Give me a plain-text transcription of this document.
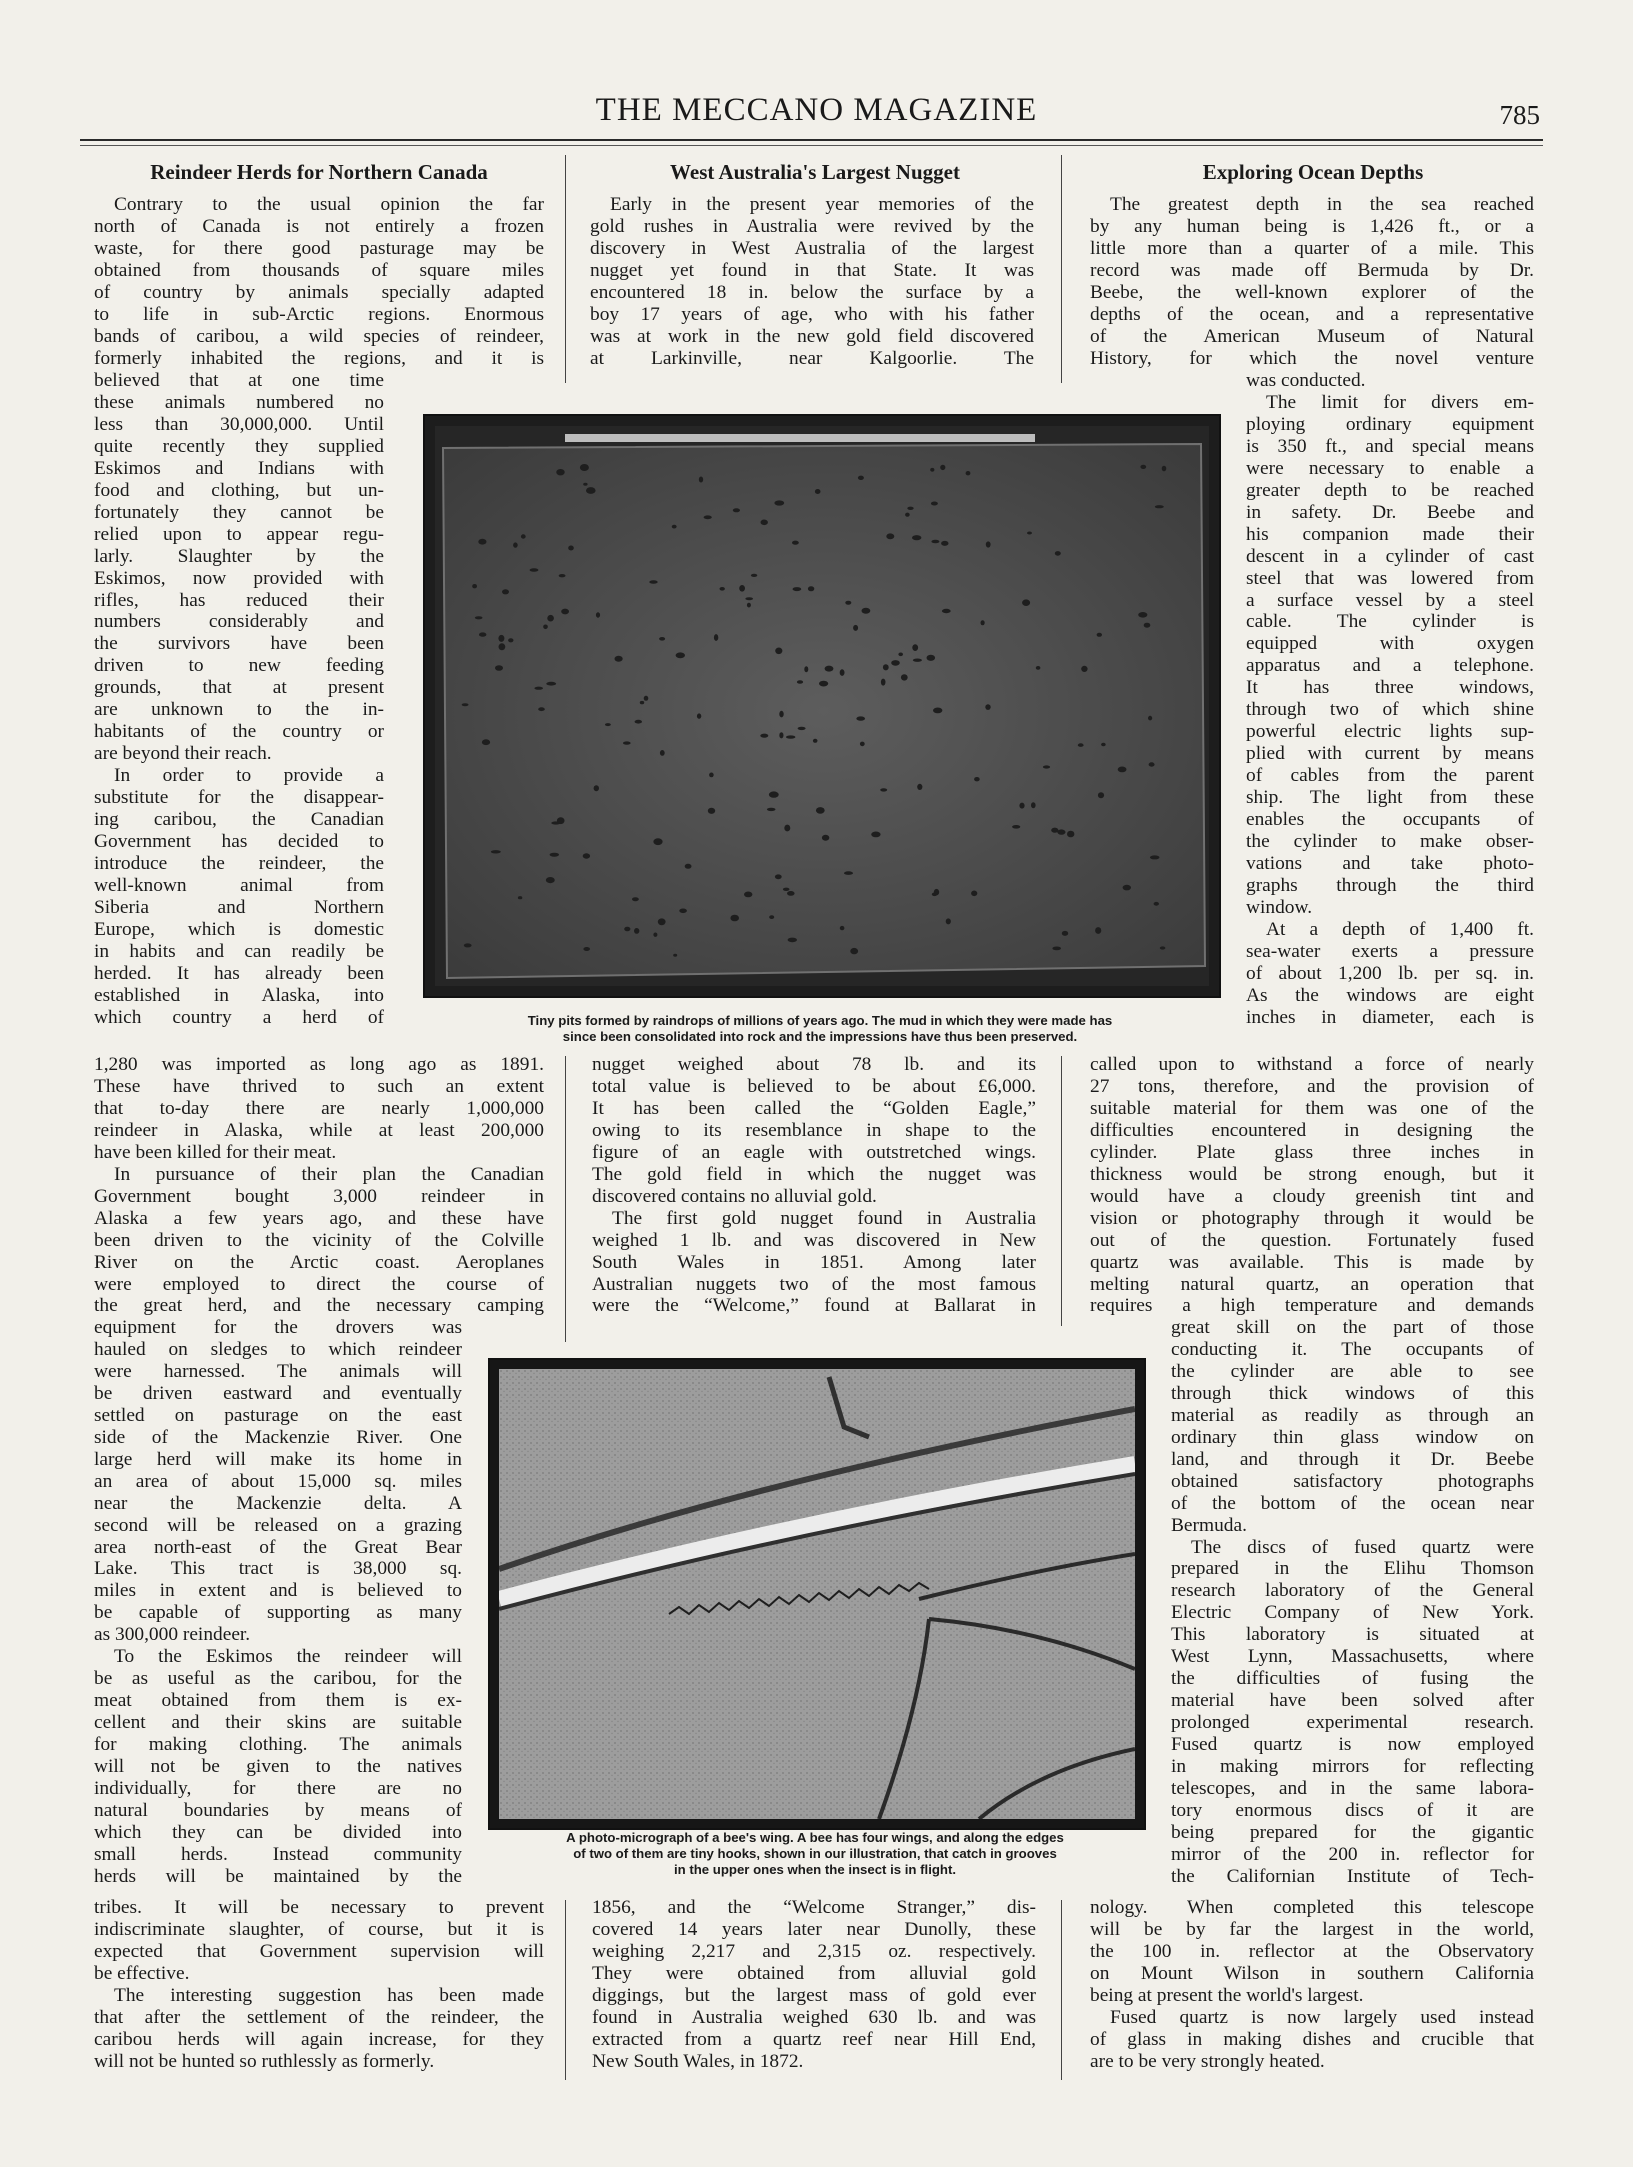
THE MECCANO MAGAZINE	785
Reindeer Herds for Northern Canada	West Australia's Largest Nugget	Exploring Ocean Depths
Contrary to the usual opinion the far
north of Canada is not entirely a frozen
waste, for there good pasturage may be
obtained from thousands of square miles
of country by animals specially adapted
to life in sub-Arctic regions. Enormous
bands of caribou, a wild species of reindeer,
formerly inhabited the regions, and it is
believed that at one time
these animals numbered no
less than 30,000,000. Until
quite recently they supplied
Eskimos and Indians with
food and clothing, but un-
fortunately they cannot be
relied upon to appear regu-
larly. Slaughter by the
Eskimos, now provided with
rifles, has reduced their
numbers considerably and
the survivors have been
driven to new feeding
grounds, that at present
are unknown to the in-
habitants of the country or
are beyond their reach.
In order to provide a
substitute for the disappear-
ing caribou, the Canadian
Government has decided to
introduce the reindeer, the
well-known animal from
Siberia and Northern
Europe, which is domestic
in habits and can readily be
herded. It has already been
established in Alaska, into
which country a herd of
1,280 was imported as long ago as 1891.
These have thrived to such an extent
that to-day there are nearly 1,000,000
reindeer in Alaska, while at least 200,000
have been killed for their meat.
In pursuance of their plan the Canadian
Government bought 3,000 reindeer in
Alaska a few years ago, and these have
been driven to the vicinity of the Colville
River on the Arctic coast. Aeroplanes
were employed to direct the course of
the great herd, and the necessary camping
equipment for the drovers was
hauled on sledges to which reindeer
were harnessed. The animals will
be driven eastward and eventually
settled on pasturage on the east
side of the Mackenzie River. One
large herd will make its home in
an area of about 15,000 sq. miles
near the Mackenzie delta. A
second will be released on a grazing
area north-east of the Great Bear
Lake. This tract is 38,000 sq.
miles in extent and is believed to
be capable of supporting as many
as 300,000 reindeer.
To the Eskimos the reindeer will
be as useful as the caribou, for the
meat obtained from them is ex-
cellent and their skins are suitable
for making clothing. The animals
will not be given to the natives
individually, for there are no
natural boundaries by means of
which they can be divided into
small herds. Instead community
herds will be maintained by the
tribes. It will be necessary to prevent
indiscriminate slaughter, of course, but it is
expected that Government supervision will
be effective.
The interesting suggestion has been made
that after the settlement of the reindeer, the
caribou herds will again increase, for they
will not be hunted so ruthlessly as formerly.
Early in the present year memories of the
gold rushes in Australia were revived by the
discovery in West Australia of the largest
nugget yet found in that State. It was
encountered 18 in. below the surface by a
boy 17 years of age, who with his father
was at work in the new gold field discovered
at Larkinville, near Kalgoorlie. The
nugget weighed about 78 lb. and its
total value is believed to be about £6,000.
It has been called the “Golden Eagle,”
owing to its resemblance in shape to the
figure of an eagle with outstretched wings.
The gold field in which the nugget was
discovered contains no alluvial gold.
The first gold nugget found in Australia
weighed 1 lb. and was discovered in New
South Wales in 1851. Among later
Australian nuggets two of the most famous
were the “Welcome,” found at Ballarat in
1856, and the “Welcome Stranger,” dis-
covered 14 years later near Dunolly, these
weighing 2,217 and 2,315 oz. respectively.
They were obtained from alluvial gold
diggings, but the largest mass of gold ever
found in Australia weighed 630 lb. and was
extracted from a quartz reef near Hill End,
New South Wales, in 1872.
The greatest depth in the sea reached
by any human being is 1,426 ft., or a
little more than a quarter of a mile. This
record was made off Bermuda by Dr.
Beebe, the well-known explorer of the
depths of the ocean, and a representative
of the American Museum of Natural
History, for which the novel venture
was conducted.
The limit for divers em-
ploying ordinary equipment
is 350 ft., and special means
were necessary to enable a
greater depth to be reached
in safety. Dr. Beebe and
his companion made their
descent in a cylinder of cast
steel that was lowered from
a surface vessel by a steel
cable. The cylinder is
equipped with oxygen
apparatus and a telephone.
It has three windows,
through two of which shine
powerful electric lights sup-
plied with current by means
of cables from the parent
ship. The light from these
enables the occupants of
the cylinder to make obser-
vations and take photo-
graphs through the third
window.
At a depth of 1,400 ft.
sea-water exerts a pressure
of about 1,200 lb. per sq. in.
As the windows are eight
inches in diameter, each is
called upon to withstand a force of nearly
27 tons, therefore, and the provision of
suitable material for them was one of the
difficulties encountered in designing the
cylinder. Plate glass three inches in
thickness would be strong enough, but it
would have a cloudy greenish tint and
vision or photography through it would be
out of the question. Fortunately fused
quartz was available. This is made by
melting natural quartz, an operation that
requires a high temperature and demands
great skill on the part of those
conducting it. The occupants of
the cylinder are able to see
through thick windows of this
material as readily as through an
ordinary thin glass window on
land, and through it Dr. Beebe
obtained satisfactory photographs
of the bottom of the ocean near
Bermuda.
The discs of fused quartz were
prepared in the Elihu Thomson
research laboratory of the General
Electric Company of New York.
This laboratory is situated at
West Lynn, Massachusetts, where
the difficulties of fusing the
material have been solved after
prolonged experimental research.
Fused quartz is now employed
in making mirrors for reflecting
telescopes, and in the same labora-
tory enormous discs of it are
being prepared for the gigantic
mirror of the 200 in. reflector for
the Californian Institute of Tech-
nology. When completed this telescope
will be by far the largest in the world,
the 100 in. reflector at the Observatory
on Mount Wilson in southern California
being at present the world's largest.
Fused quartz is now largely used instead
of glass in making dishes and crucible that
are to be very strongly heated.
Tiny pits formed by raindrops of millions of years ago. The mud in which they were made has
since been consolidated into rock and the impressions have thus been preserved.
A photo-micrograph of a bee's wing. A bee has four wings, and along the edges
of two of them are tiny hooks, shown in our illustration, that catch in grooves
in the upper ones when the insect is in flight.
